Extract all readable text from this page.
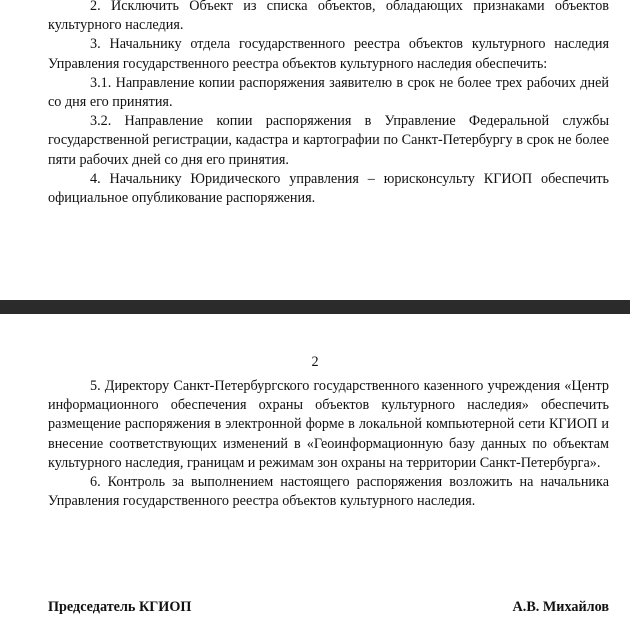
2. Исключить Объект из списка объектов, обладающих признаками объектов культурного наследия.

3. Начальнику отдела государственного реестра объектов культурного наследия Управления государственного реестра объектов культурного наследия обеспечить:

3.1. Направление копии распоряжения заявителю в срок не более трех рабочих дней со дня его принятия.

3.2. Направление копии распоряжения в Управление Федеральной службы государственной регистрации, кадастра и картографии по Санкт-Петербургу в срок не более пяти рабочих дней со дня его принятия.

4. Начальнику Юридического управления – юрисконсульту КГИОП обеспечить официальное опубликование распоряжения.

2

5. Директору Санкт-Петербургского государственного казенного учреждения «Центр информационного обеспечения охраны объектов культурного наследия» обеспечить размещение распоряжения в электронной форме в локальной компьютерной сети КГИОП и внесение соответствующих изменений в «Геоинформационную базу данных по объектам культурного наследия, границам и режимам зон охраны на территории Санкт-Петербурга».

6. Контроль за выполнением настоящего распоряжения возложить на начальника Управления государственного реестра объектов культурного наследия.

Председатель КГИОП	А.В. Михайлов
